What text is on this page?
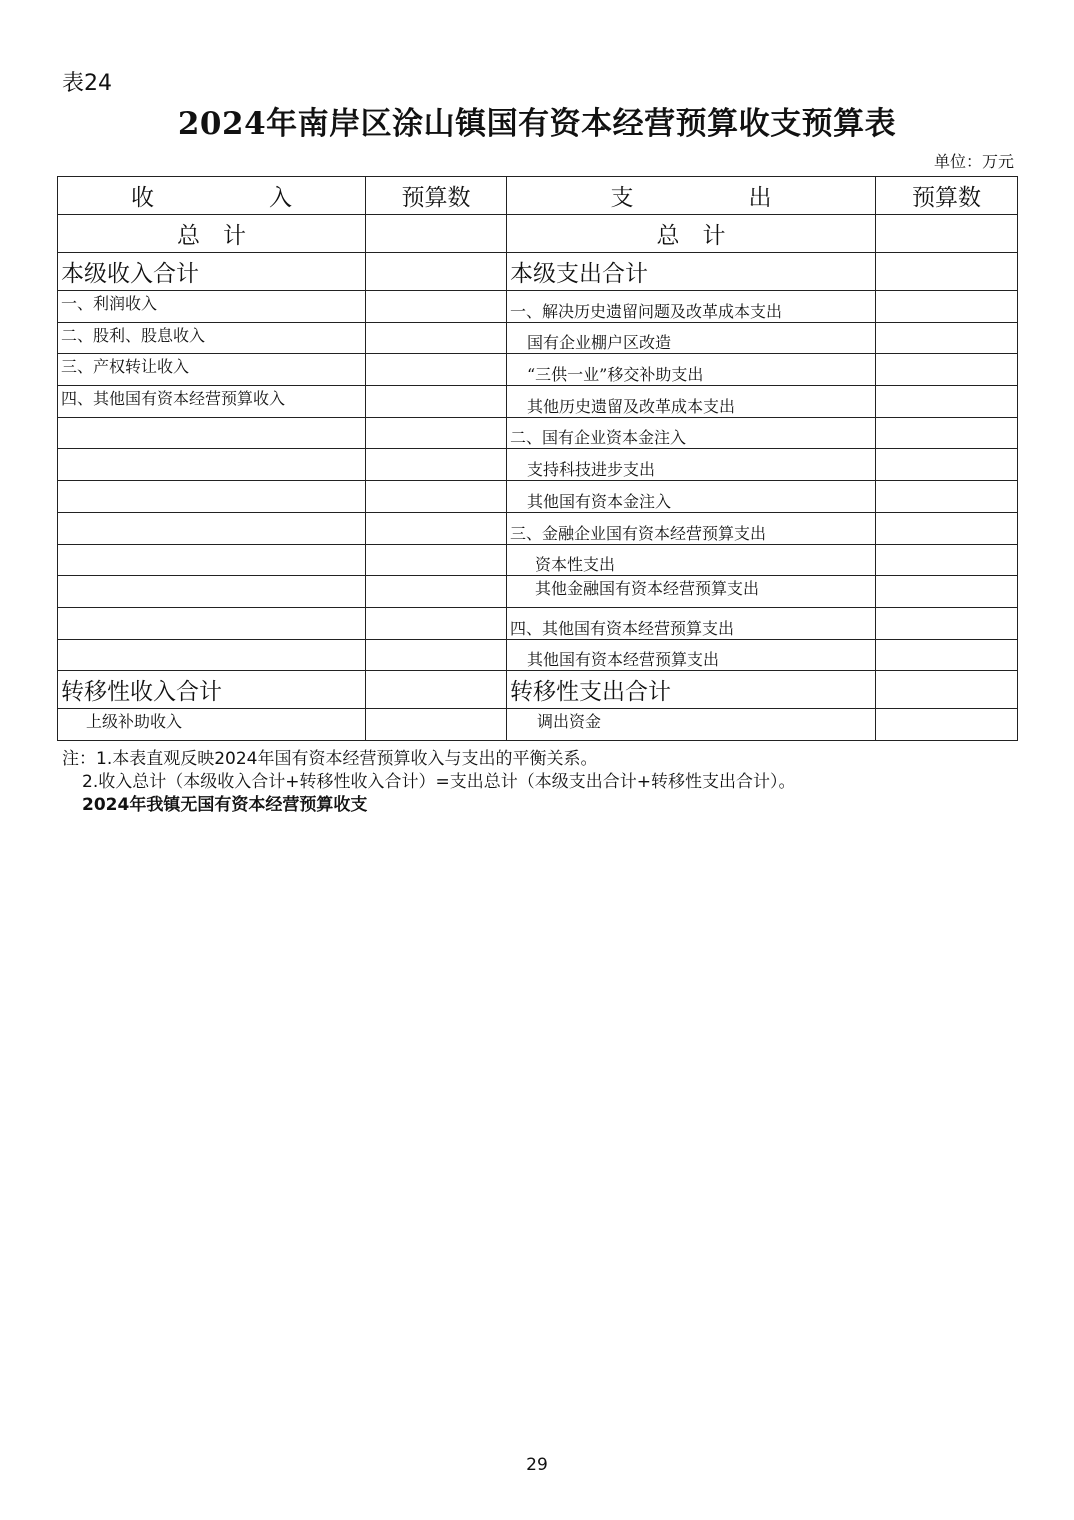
表24
2024年南岸区涂山镇国有资本经营预算收支预算表
单位：万元
收　　　　　入	预算数	支　　　　　出	预算数
总　计		总　计	
本级收入合计		本级支出合计	
一、利润收入		一、解决历史遗留问题及改革成本支出	
二、股利、股息收入		国有企业棚户区改造	
三、产权转让收入		“三供一业”移交补助支出	
四、其他国有资本经营预算收入		其他历史遗留及改革成本支出	
		二、国有企业资本金注入	
		支持科技进步支出	
		其他国有资本金注入	
		三、金融企业国有资本经营预算支出	
		资本性支出	
		其他金融国有资本经营预算支出	
		四、其他国有资本经营预算支出	
		其他国有资本经营预算支出	
转移性收入合计		转移性支出合计	
上级补助收入		调出资金	
注：1.本表直观反映2024年国有资本经营预算收入与支出的平衡关系。
2.收入总计（本级收入合计+转移性收入合计）=支出总计（本级支出合计+转移性支出合计）。
2024年我镇无国有资本经营预算收支
29
